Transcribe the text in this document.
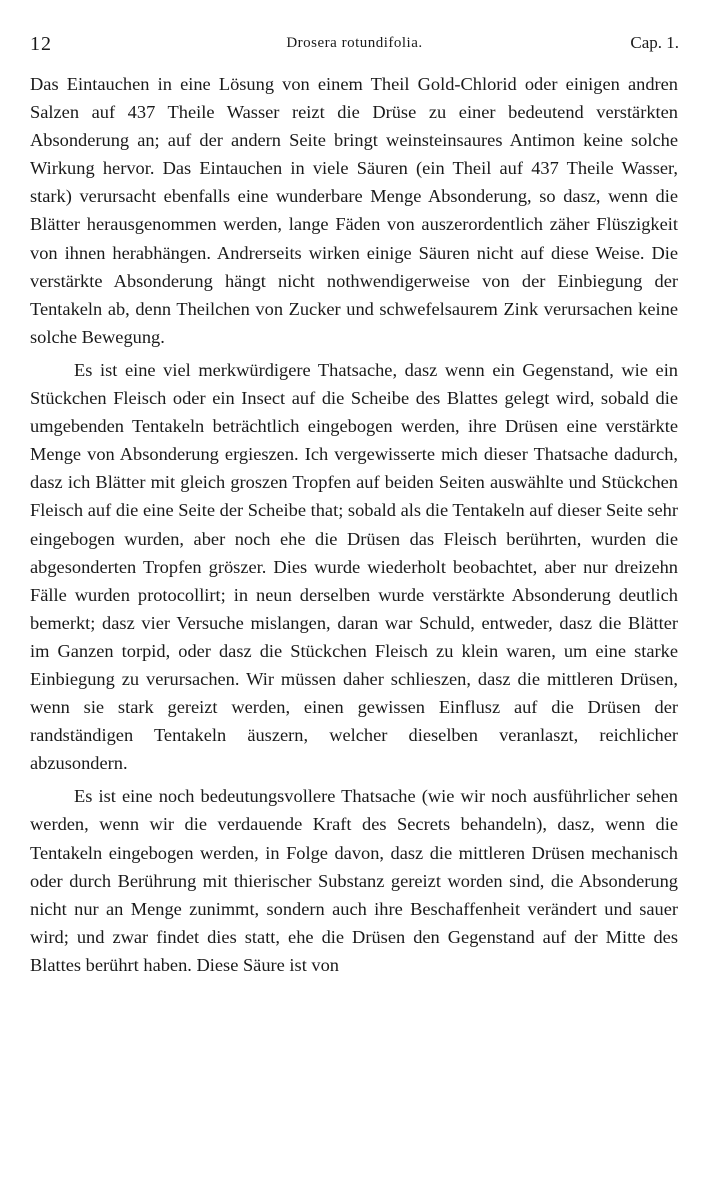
12	Drosera rotundifolia.	Cap. 1.

Das Eintauchen in eine Lösung von einem Theil Gold-Chlorid oder einigen andren Salzen auf 437 Theile Wasser reizt die Drüse zu einer bedeutend verstärkten Absonderung an; auf der andern Seite bringt weinsteinsaures Antimon keine solche Wirkung hervor. Das Eintauchen in viele Säuren (ein Theil auf 437 Theile Wasser, stark) verursacht ebenfalls eine wunderbare Menge Absonderung, so dasz, wenn die Blätter herausgenommen werden, lange Fäden von auszerordentlich zäher Flüszigkeit von ihnen herabhängen. Andrerseits wirken einige Säuren nicht auf diese Weise. Die verstärkte Absonderung hängt nicht nothwendigerweise von der Einbiegung der Tentakeln ab, denn Theilchen von Zucker und schwefelsaurem Zink verursachen keine solche Bewegung.

Es ist eine viel merkwürdigere Thatsache, dasz wenn ein Gegenstand, wie ein Stückchen Fleisch oder ein Insect auf die Scheibe des Blattes gelegt wird, sobald die umgebenden Tentakeln beträchtlich eingebogen werden, ihre Drüsen eine verstärkte Menge von Absonderung ergieszen. Ich vergewisserte mich dieser Thatsache dadurch, dasz ich Blätter mit gleich groszen Tropfen auf beiden Seiten auswählte und Stückchen Fleisch auf die eine Seite der Scheibe that; sobald als die Tentakeln auf dieser Seite sehr eingebogen wurden, aber noch ehe die Drüsen das Fleisch berührten, wurden die abgesonderten Tropfen gröszer. Dies wurde wiederholt beobachtet, aber nur dreizehn Fälle wurden protocollirt; in neun derselben wurde verstärkte Absonderung deutlich bemerkt; dasz vier Versuche mislangen, daran war Schuld, entweder, dasz die Blätter im Ganzen torpid, oder dasz die Stückchen Fleisch zu klein waren, um eine starke Einbiegung zu verursachen. Wir müssen daher schlieszen, dasz die mittleren Drüsen, wenn sie stark gereizt werden, einen gewissen Einflusz auf die Drüsen der randständigen Tentakeln äuszern, welcher dieselben veranlaszt, reichlicher abzusondern.

Es ist eine noch bedeutungsvollere Thatsache (wie wir noch ausführlicher sehen werden, wenn wir die verdauende Kraft des Secrets behandeln), dasz, wenn die Tentakeln eingebogen werden, in Folge davon, dasz die mittleren Drüsen mechanisch oder durch Berührung mit thierischer Substanz gereizt worden sind, die Absonderung nicht nur an Menge zunimmt, sondern auch ihre Beschaffenheit verändert und sauer wird; und zwar findet dies statt, ehe die Drüsen den Gegenstand auf der Mitte des Blattes berührt haben. Diese Säure ist von
